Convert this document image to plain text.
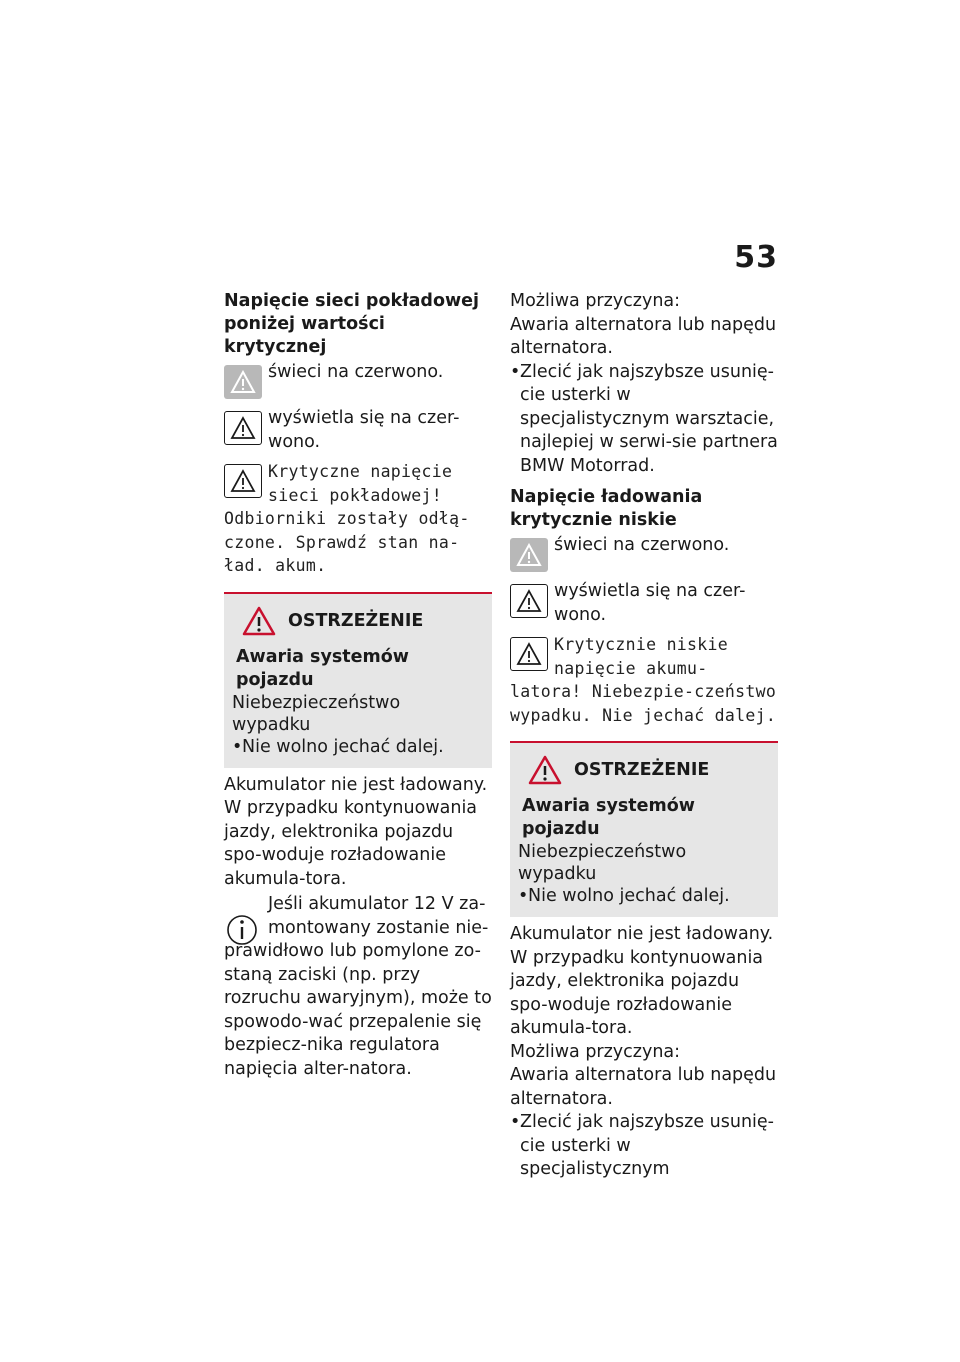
53

Napięcie sieci pokładowej poniżej wartości krytycznej

świeci na czerwono.
wyświetla się na czer-wono.
Krytyczne napięcie sieci pokładowej!

Odbiorniki zostały odłą-czone. Sprawdź stan na-ład. akum.

OSTRZEŻENIE

Awaria systemów pojazdu

Niebezpieczeństwo wypadku

• Nie wolno jechać dalej.

Akumulator nie jest ładowany. W przypadku kontynuowania jazdy, elektronika pojazdu spo-woduje rozładowanie akumula-tora.

Jeśli akumulator 12 V za-montowany zostanie nie-

prawidłowo lub pomylone zo-staną zaciski (np. przy rozruchu awaryjnym), może to spowodo-wać przepalenie się bezpiecz-nika regulatora napięcia alter-natora.

Możliwa przyczyna:

Awaria alternatora lub napędu alternatora.

• Zlecić jak najszybsze usunię-cie usterki w specjalistycznym warsztacie, najlepiej w serwi-sie partnera BMW Motorrad.

Napięcie ładowania krytycznie niskie

świeci na czerwono.
wyświetla się na czer-wono.
Krytycznie niskie napięcie akumu-

latora! Niebezpie-czeństwo wypadku. Nie jechać dalej.

OSTRZEŻENIE

Awaria systemów pojazdu

Niebezpieczeństwo wypadku

• Nie wolno jechać dalej.

Akumulator nie jest ładowany. W przypadku kontynuowania jazdy, elektronika pojazdu spo-woduje rozładowanie akumula-tora.

Możliwa przyczyna:

Awaria alternatora lub napędu alternatora.

• Zlecić jak najszybsze usunię-cie usterki w specjalistycznym
